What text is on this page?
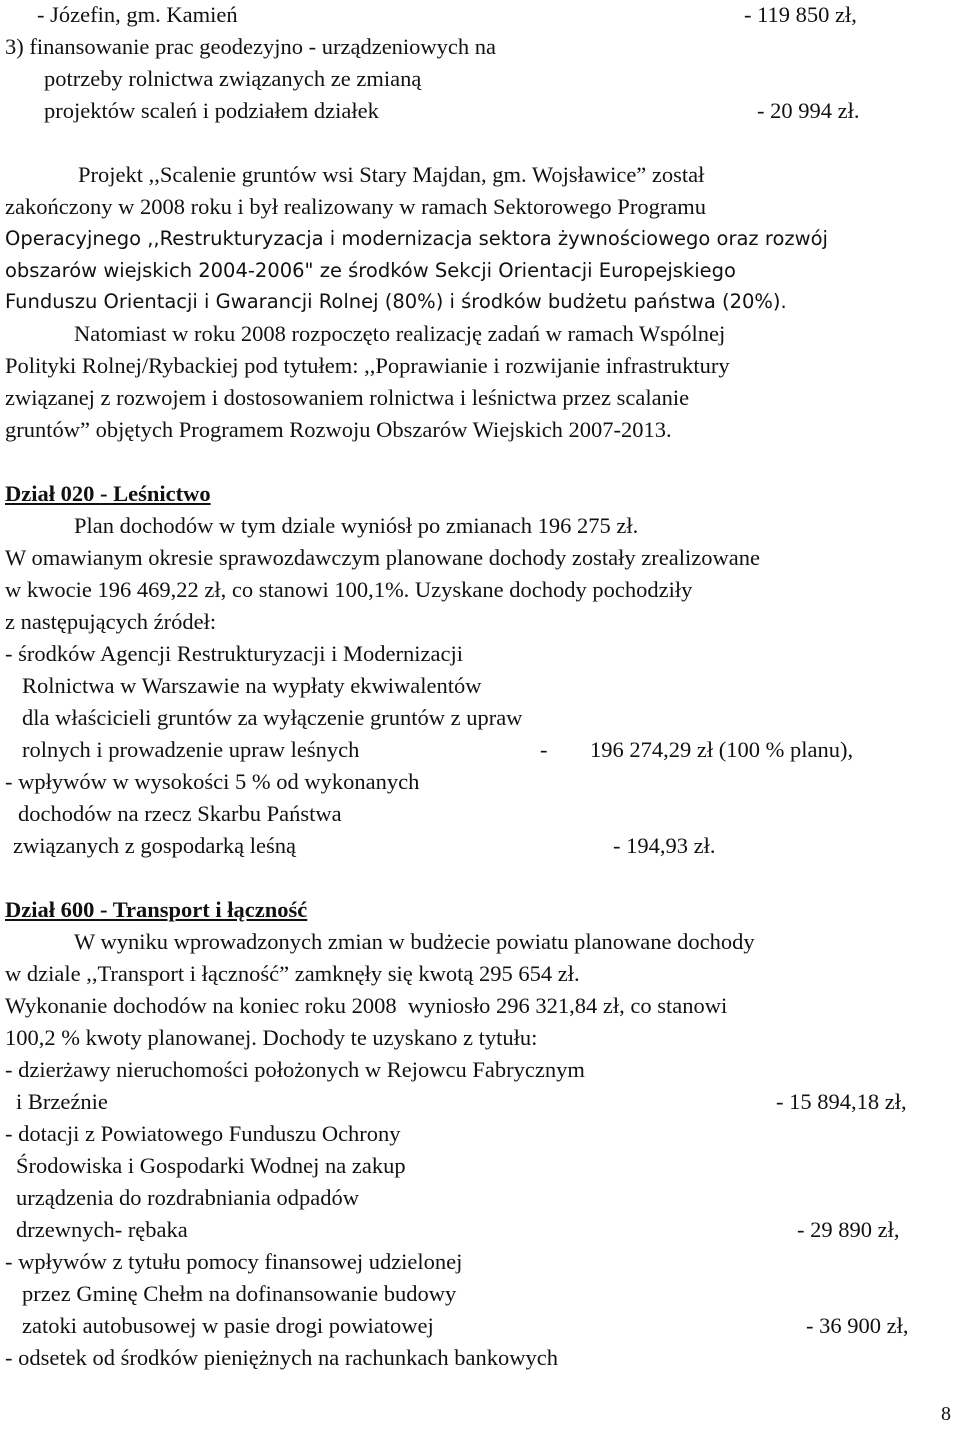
- Józefin, gm. Kamień	- 119 850 zł,
3) finansowanie prac geodezyjno - urządzeniowych na
potrzeby rolnictwa związanych ze zmianą
projektów scaleń i podziałem działek	- 20 994 zł.
Projekt ,,Scalenie gruntów wsi Stary Majdan, gm. Wojsławice” został
zakończony w 2008 roku i był realizowany w ramach Sektorowego Programu
Operacyjnego ,,Restrukturyzacja i modernizacja sektora żywnościowego oraz rozwój
obszarów wiejskich 2004-2006" ze środków Sekcji Orientacji Europejskiego
Funduszu Orientacji i Gwarancji Rolnej (80%) i środków budżetu państwa (20%).
Natomiast w roku 2008 rozpoczęto realizację zadań w ramach Wspólnej
Polityki Rolnej/Rybackiej pod tytułem: ,,Poprawianie i rozwijanie infrastruktury
związanej z rozwojem i dostosowaniem rolnictwa i leśnictwa przez scalanie
gruntów” objętych Programem Rozwoju Obszarów Wiejskich 2007-2013.
Dział 020 - Leśnictwo
Plan dochodów w tym dziale wyniósł po zmianach 196 275 zł.
W omawianym okresie sprawozdawczym planowane dochody zostały zrealizowane
w kwocie 196 469,22 zł, co stanowi 100,1%. Uzyskane dochody pochodziły
z następujących źródeł:
- środków Agencji Restrukturyzacji i Modernizacji
Rolnictwa w Warszawie na wypłaty ekwiwalentów
dla właścicieli gruntów za wyłączenie gruntów z upraw
rolnych i prowadzenie upraw leśnych	- 196 274,29 zł (100 % planu),
- wpływów w wysokości 5 % od wykonanych
dochodów na rzecz Skarbu Państwa
związanych z gospodarką leśną	- 194,93 zł.
Dział 600 - Transport i łączność
W wyniku wprowadzonych zmian w budżecie powiatu planowane dochody
w dziale ,,Transport i łączność” zamknęły się kwotą 295 654 zł.
Wykonanie dochodów na koniec roku 2008  wyniosło 296 321,84 zł, co stanowi
100,2 % kwoty planowanej. Dochody te uzyskano z tytułu:
- dzierżawy nieruchomości położonych w Rejowcu Fabrycznym
i Brzeźnie	- 15 894,18 zł,
- dotacji z Powiatowego Funduszu Ochrony
Środowiska i Gospodarki Wodnej na zakup
urządzenia do rozdrabniania odpadów
drzewnych- rębaka	- 29 890 zł,
- wpływów z tytułu pomocy finansowej udzielonej
przez Gminę Chełm na dofinansowanie budowy
zatoki autobusowej w pasie drogi powiatowej	- 36 900 zł,
- odsetek od środków pieniężnych na rachunkach bankowych
8
